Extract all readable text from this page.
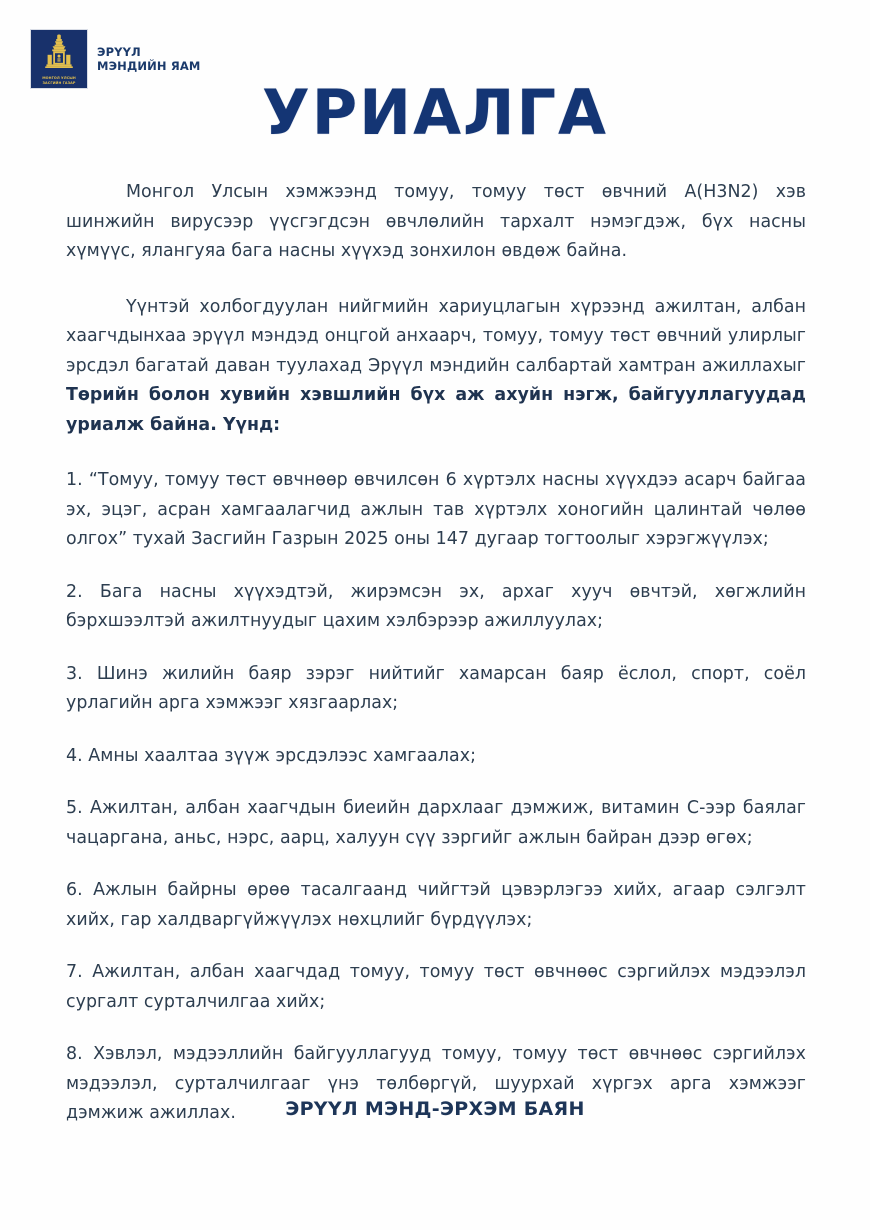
МОНГОЛ УЛСЫН
ЗАСГИЙН ГАЗАР
ЭРҮҮЛ
МЭНДИЙН ЯАМ
УРИАЛГА

Монгол Улсын хэмжээнд томуу, томуу төст өвчний A(H3N2) хэв шинжийн вирусээр үүсгэгдсэн өвчлөлийн тархалт нэмэгдэж, бүх насны хүмүүс, ялангуяа бага насны хүүхэд зонхилон өвдөж байна.

Үүнтэй холбогдуулан нийгмийн хариуцлагын хүрээнд ажилтан, албан хаагчдынхаа эрүүл мэндэд онцгой анхаарч, томуу, томуу төст өвчний улирлыг эрсдэл багатай даван туулахад Эрүүл мэндийн салбартай хамтран ажиллахыг Төрийн болон хувийн хэвшлийн бүх аж ахуйн нэгж, байгууллагуудад уриалж байна. Үүнд:

1. “Томуу, томуу төст өвчнөөр өвчилсөн 6 хүртэлх насны хүүхдээ асарч байгаа эх, эцэг, асран хамгаалагчид ажлын тав хүртэлх хоногийн цалинтай чөлөө олгох” тухай Засгийн Газрын 2025 оны 147 дугаар тогтоолыг хэрэгжүүлэх;

2. Бага насны хүүхэдтэй, жирэмсэн эх, архаг хууч өвчтэй, хөгжлийн бэрхшээлтэй ажилтнуудыг цахим хэлбэрээр ажиллуулах;

3. Шинэ жилийн баяр зэрэг нийтийг хамарсан баяр ёслол, спорт, соёл урлагийн арга хэмжээг хязгаарлах;

4. Амны хаалтаа зүүж эрсдэлээс хамгаалах;

5. Ажилтан, албан хаагчдын биеийн дархлааг дэмжиж, витамин С-ээр баялаг чацаргана, аньс, нэрс, аарц, халуун сүү зэргийг ажлын байран дээр өгөх;

6. Ажлын байрны өрөө тасалгаанд чийгтэй цэвэрлэгээ хийх, агаар сэлгэлт хийх, гар халдваргүйжүүлэх нөхцлийг бүрдүүлэх;

7. Ажилтан, албан хаагчдад томуу, томуу төст өвчнөөс сэргийлэх мэдээлэл сургалт сурталчилгаа хийх;

8. Хэвлэл, мэдээллийн байгууллагууд томуу, томуу төст өвчнөөс сэргийлэх мэдээлэл, сурталчилгааг үнэ төлбөргүй, шуурхай хүргэх арга хэмжээг дэмжиж ажиллах.	ЭРҮҮЛ МЭНД-ЭРХЭМ БАЯН
